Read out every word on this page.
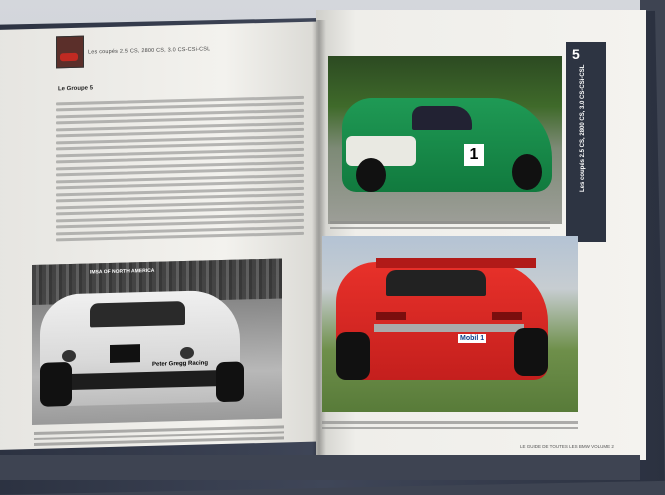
Les coupés 2.5 CS, 2800 CS, 3.0 CS-CSi-CSL
Le Groupe 5
IMSA OF NORTH AMERICA
Peter Gregg Racing
5
Les coupés 2.5 CS, 2800 CS, 3.0 CS-CSi-CSL
1
Mobil 1
LE GUIDE DE TOUTES LES BMW VOLUME 2
